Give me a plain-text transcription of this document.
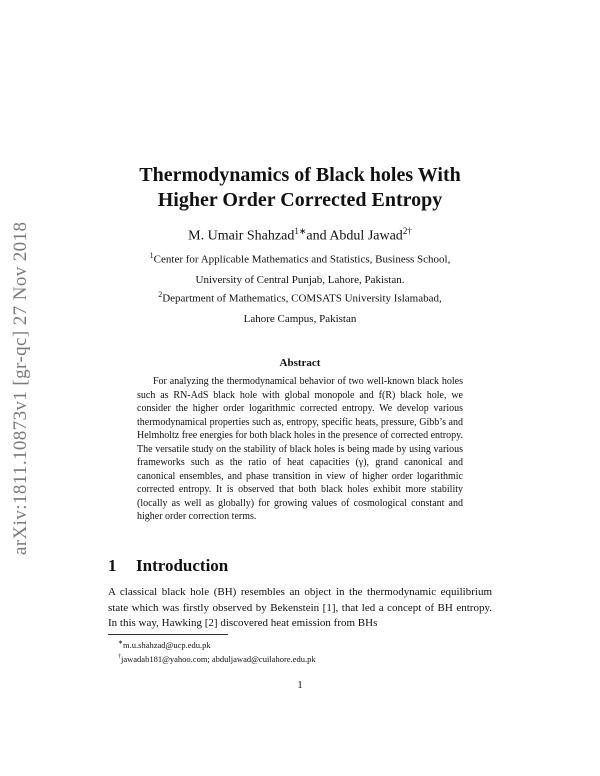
arXiv:1811.10873v1 [gr-qc] 27 Nov 2018
Thermodynamics of Black holes With
Higher Order Corrected Entropy
M. Umair Shahzad$^{1∗}$and Abdul Jawad$^{2\dagger}$
$^1$Center for Applicable Mathematics and Statistics, Business School,
University of Central Punjab, Lahore, Pakistan.
$^2$Department of Mathematics, COMSATS University Islamabad,
Lahore Campus, Pakistan
Abstract
For analyzing the thermodynamical behavior of two well-known black holes such as RN-AdS black hole with global monopole and f(R) black hole, we consider the higher order logarithmic corrected entropy. We develop various thermodynamical properties such as, entropy, specific heats, pressure, Gibb’s and Helmholtz free energies for both black holes in the presence of corrected entropy. The versatile study on the stability of black holes is being made by using various frameworks such as the ratio of heat capacities (γ), grand canonical and canonical ensembles, and phase transition in view of higher order logarithmic corrected entropy. It is observed that both black holes exhibit more stability (locally as well as globally) for growing values of cosmological constant and higher order correction terms.
1 Introduction
A classical black hole (BH) resembles an object in the thermodynamic equilibrium state which was firstly observed by Bekenstein [1], that led a concept of BH entropy. In this way, Hawking [2] discovered heat emission from BHs
∗m.u.shahzad@ucp.edu.pk
†jawadab181@yahoo.com; abduljawad@cuilahore.edu.pk
1
